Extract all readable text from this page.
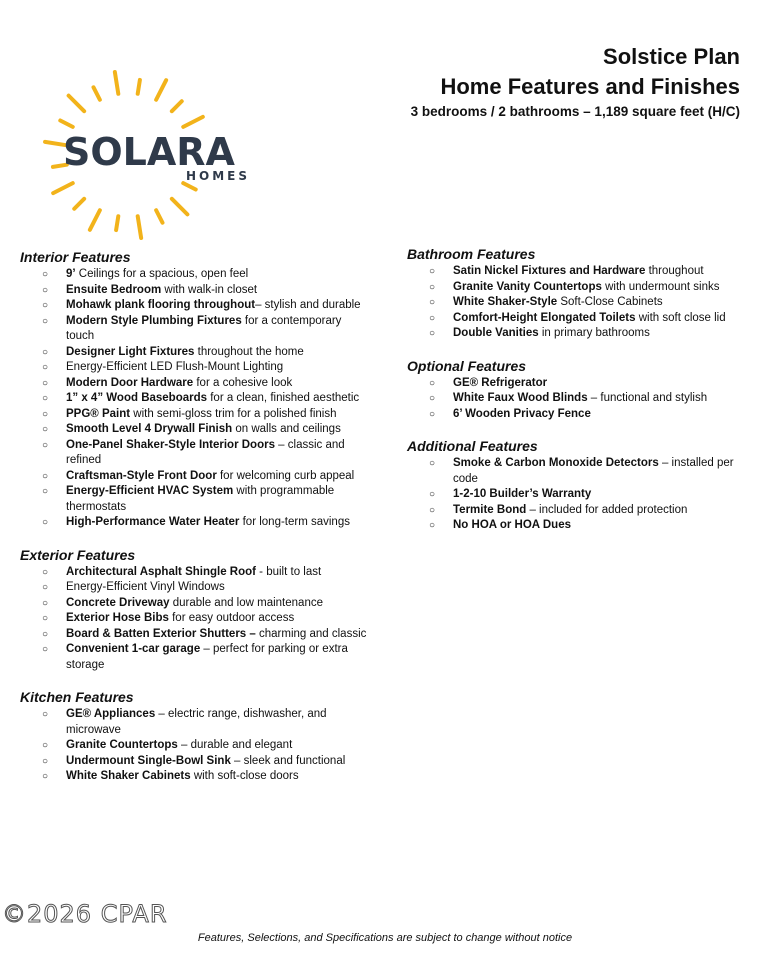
SOLARA
HOMES
Solstice Plan
Home Features and Finishes
3 bedrooms / 2 bathrooms – 1,189 square feet (H/C)
Interior Features
○ 9’ Ceilings for a spacious, open feel
○ Ensuite Bedroom with walk-in closet
○ Mohawk plank flooring throughout– stylish and durable
○ Modern Style Plumbing Fixtures for a contemporary touch
○ Designer Light Fixtures throughout the home
○ Energy-Efficient LED Flush-Mount Lighting
○ Modern Door Hardware for a cohesive look
○ 1” x 4” Wood Baseboards for a clean, finished aesthetic
○ PPG® Paint with semi-gloss trim for a polished finish
○ Smooth Level 4 Drywall Finish on walls and ceilings
○ One-Panel Shaker-Style Interior Doors – classic and refined
○ Craftsman-Style Front Door for welcoming curb appeal
○ Energy-Efficient HVAC System with programmable thermostats
○ High-Performance Water Heater for long-term savings
Exterior Features
○ Architectural Asphalt Shingle Roof - built to last
○ Energy-Efficient Vinyl Windows
○ Concrete Driveway durable and low maintenance
○ Exterior Hose Bibs for easy outdoor access
○ Board & Batten Exterior Shutters – charming and classic
○ Convenient 1-car garage – perfect for parking or extra storage
Kitchen Features
○ GE® Appliances – electric range, dishwasher, and microwave
○ Granite Countertops – durable and elegant
○ Undermount Single-Bowl Sink – sleek and functional
○ White Shaker Cabinets with soft-close doors
Bathroom Features
○ Satin Nickel Fixtures and Hardware throughout
○ Granite Vanity Countertops with undermount sinks
○ White Shaker-Style Soft-Close Cabinets
○ Comfort-Height Elongated Toilets with soft close lid
○ Double Vanities in primary bathrooms
Optional Features
○ GE® Refrigerator
○ White Faux Wood Blinds – functional and stylish
○ 6’ Wooden Privacy Fence
Additional Features
○ Smoke & Carbon Monoxide Detectors – installed per code
○ 1-2-10 Builder’s Warranty
○ Termite Bond – included for added protection
○ No HOA or HOA Dues
©2026 CPAR
Features, Selections, and Specifications are subject to change without notice
